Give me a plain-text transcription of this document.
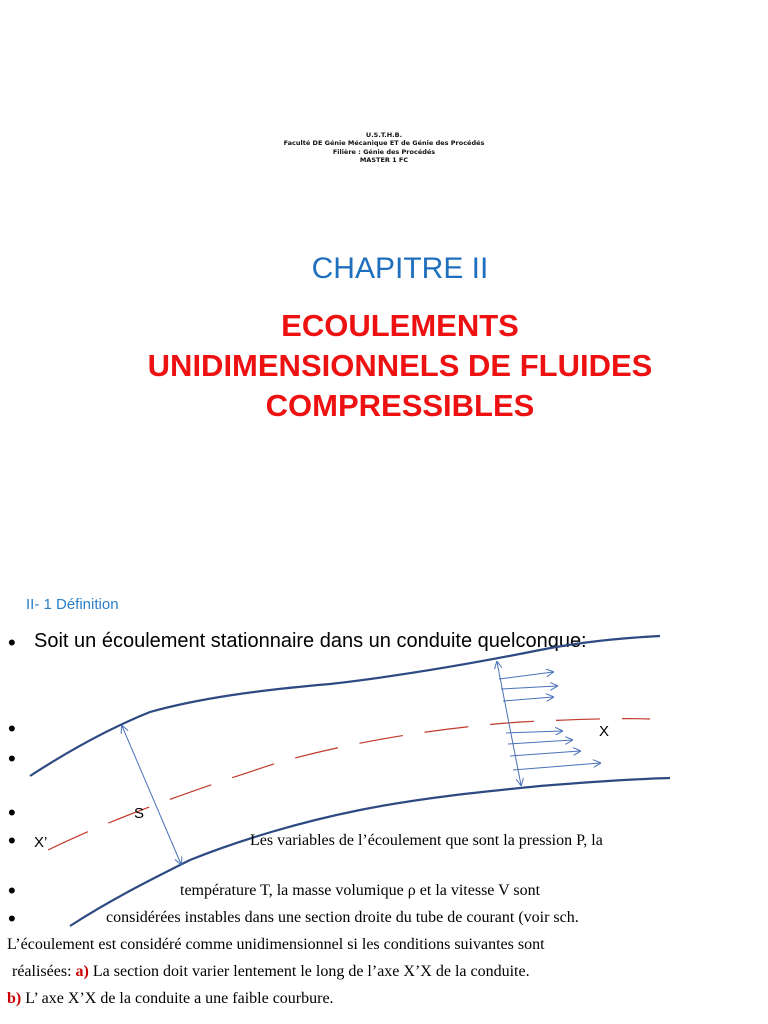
U.S.T.H.B.
Faculté DE Génie Mécanique ET de Génie des Procédés
Filière : Génie des Procédés
MASTER 1 FC
CHAPITRE II
ECOULEMENTS
UNIDIMENSIONNELS DE FLUIDES
COMPRESSIBLES
II- 1 Définition
• Soit un écoulement stationnaire dans un conduite quelconque:
•
•
•
•
•
•
X
S
X’	Les variables de l’écoulement que sont la pression P, la
température T, la masse volumique ρ et la vitesse V sont
considérées instables dans une section droite du tube de courant (voir sch.
L’écoulement est considéré comme unidimensionnel si les conditions suivantes sont
réalisées: a) La section doit varier lentement le long de l’axe X’X de la conduite.
b) L’ axe X’X de la conduite a une faible courbure.
